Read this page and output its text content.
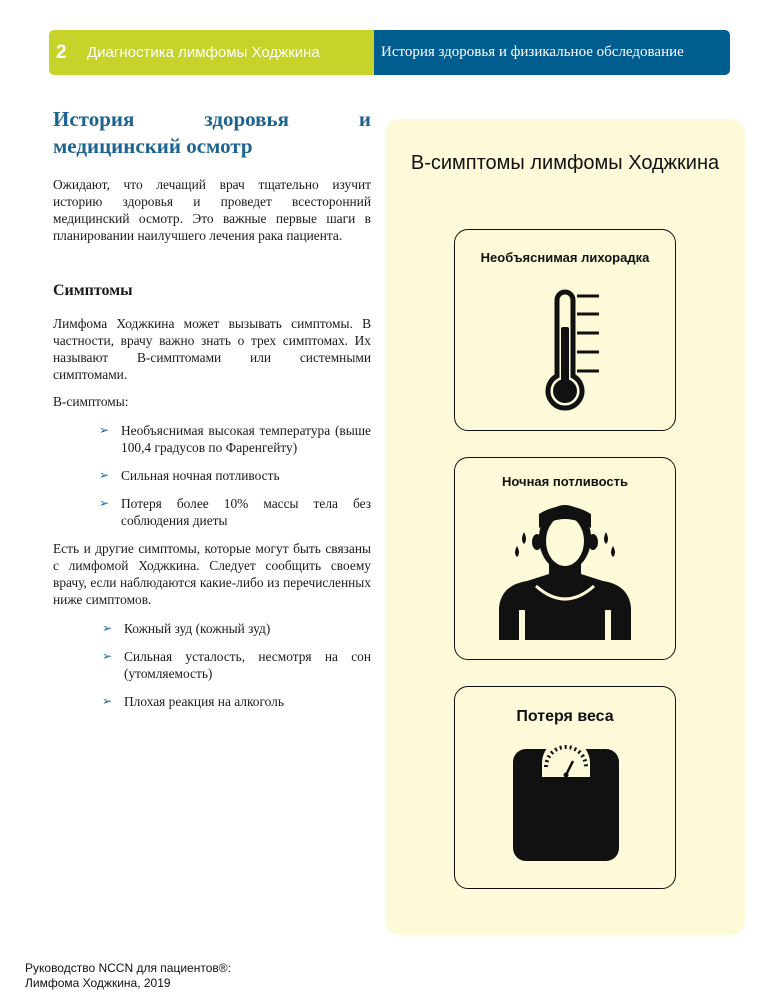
2	Диагностика лимфомы Ходжкина	История здоровья и физикальное обследование
История здоровья и медицинский осмотр

Ожидают, что лечащий врач тщательно изучит историю здоровья и проведет всесторонний медицинский осмотр. Это важные первые шаги в планировании наилучшего лечения рака пациента.

Симптомы

Лимфома Ходжкина может вызывать симптомы. В частности, врачу важно знать о трех симптомах. Их называют В-симптомами или системными симптомами.

В-симптомы:

➢ Необъяснимая высокая температура (выше 100,4 градусов по Фаренгейту)
➢ Сильная ночная потливость
➢ Потеря более 10% массы тела без соблюдения диеты

Есть и другие симптомы, которые могут быть связаны с лимфомой Ходжкина. Следует сообщить своему врачу, если наблюдаются какие-либо из перечисленных ниже симптомов.

➢ Кожный зуд (кожный зуд)
➢ Сильная усталость, несмотря на сон (утомляемость)
➢ Плохая реакция на алкоголь
В-симптомы лимфомы Ходжкина
Необъяснимая лихорадка
Ночная потливость
Потеря веса
Руководство NCCN для пациентов®:
Лимфома Ходжкина, 2019
